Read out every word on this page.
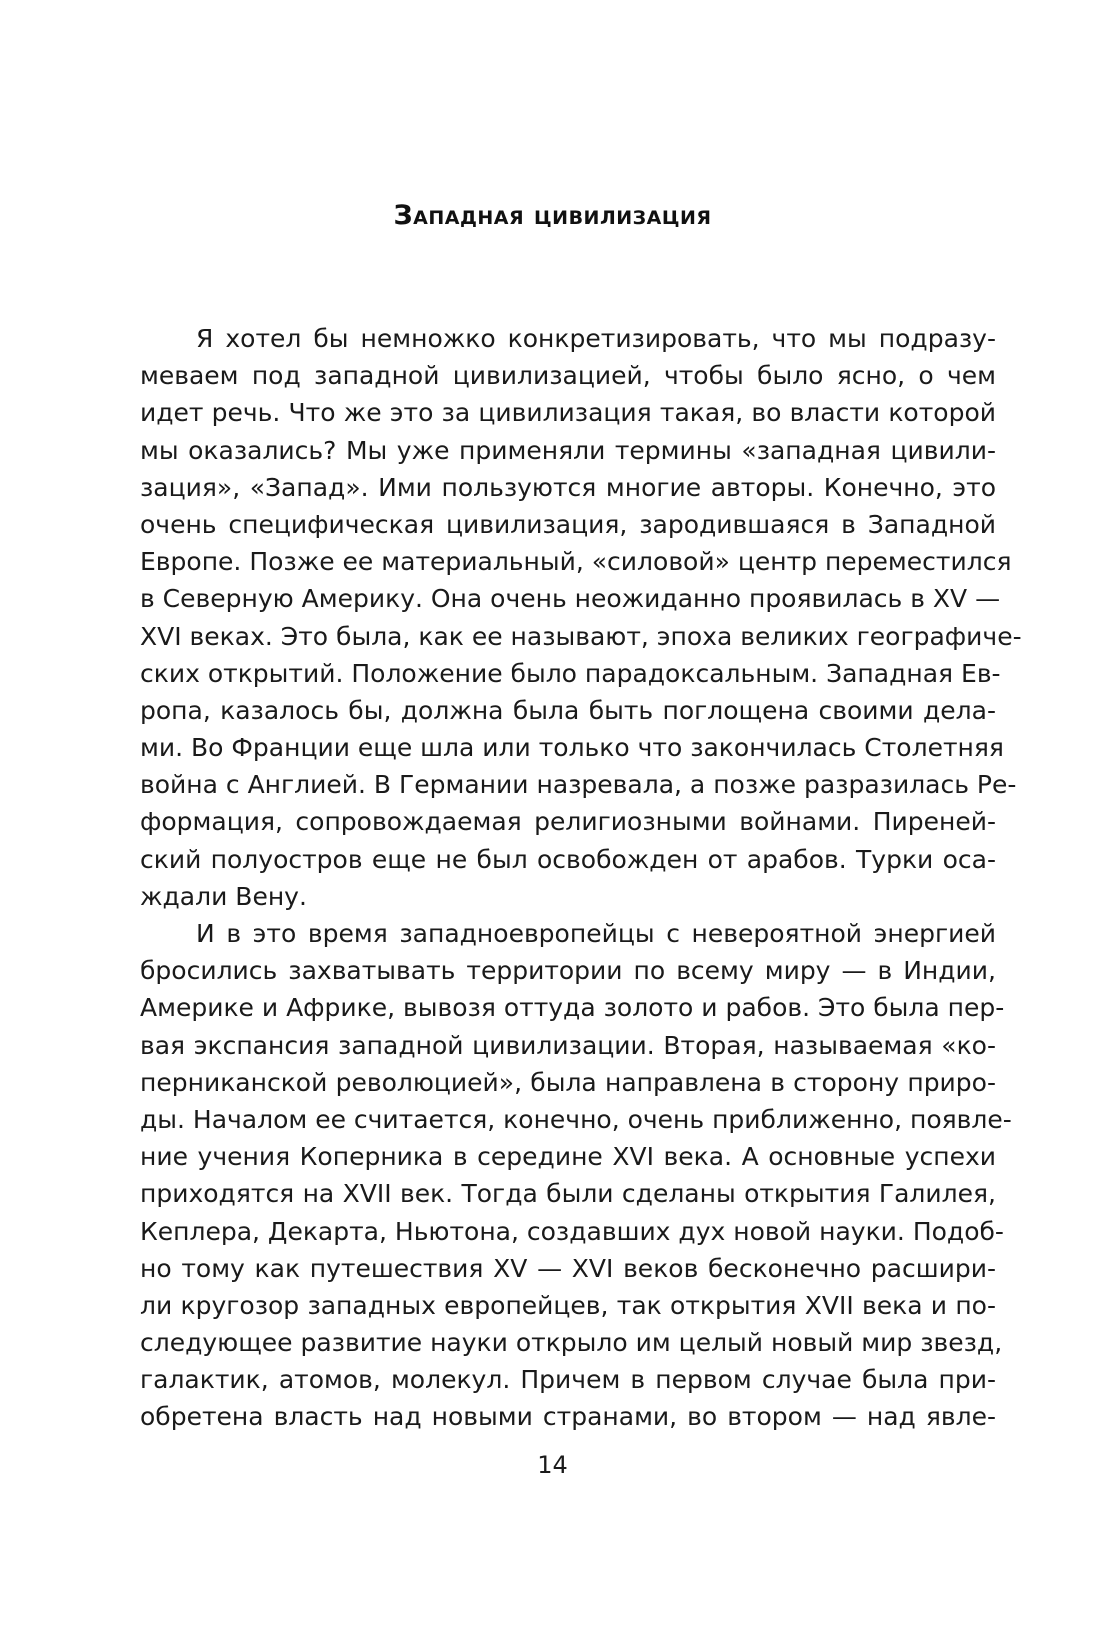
Западная цивилизация
Я хотел бы немножко конкретизировать, что мы подразу-
меваем под западной цивилизацией, чтобы было ясно, о чем
идет речь. Что же это за цивилизация такая, во власти которой
мы оказались? Мы уже применяли термины «западная цивили-
зация», «Запад». Ими пользуются многие авторы. Конечно, это
очень специфическая цивилизация, зародившаяся в Западной
Европе. Позже ее материальный, «силовой» центр переместился
в Северную Америку. Она очень неожиданно проявилась в XV —
XVI веках. Это была, как ее называют, эпоха великих географиче-
ских открытий. Положение было парадоксальным. Западная Ев-
ропа, казалось бы, должна была быть поглощена своими дела-
ми. Во Франции еще шла или только что закончилась Столетняя
война с Англией. В Германии назревала, а позже разразилась Ре-
формация, сопровождаемая религиозными войнами. Пиреней-
ский полуостров еще не был освобожден от арабов. Турки оса-
ждали Вену.
И в это время западноевропейцы с невероятной энергией
бросились захватывать территории по всему миру — в Индии,
Америке и Африке, вывозя оттуда золото и рабов. Это была пер-
вая экспансия западной цивилизации. Вторая, называемая «ко-
перниканской революцией», была направлена в сторону приро-
ды. Началом ее считается, конечно, очень приближенно, появле-
ние учения Коперника в середине XVI века. А основные успехи
приходятся на XVII век. Тогда были сделаны открытия Галилея,
Кеплера, Декарта, Ньютона, создавших дух новой науки. Подоб-
но тому как путешествия XV — XVI веков бесконечно расшири-
ли кругозор западных европейцев, так открытия XVII века и по-
следующее развитие науки открыло им целый новый мир звезд,
галактик, атомов, молекул. Причем в первом случае была при-
обретена власть над новыми странами, во втором — над явле-
14
